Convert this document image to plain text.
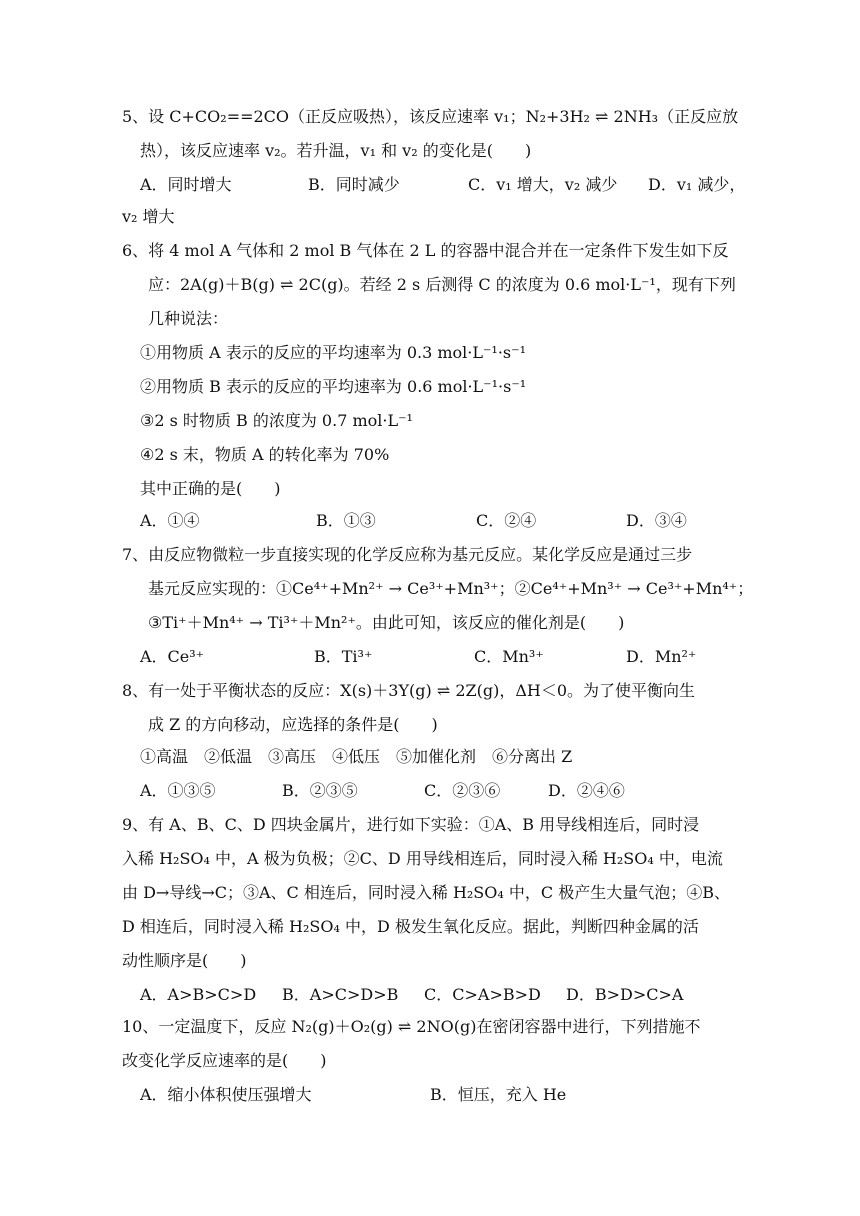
5、设 C+CO₂==2CO（正反应吸热），该反应速率 v₁；N₂+3H₂ ⇌ 2NH₃（正反应放
热），该反应速率 v₂。若升温，v₁ 和 v₂ 的变化是(　　)
A．同时增大	B．同时减少	C．v₁ 增大，v₂ 减少 D．v₁ 减少，
v₂ 增大
6、将 4 mol A 气体和 2 mol B 气体在 2 L 的容器中混合并在一定条件下发生如下反
应：2A(g)＋B(g) ⇌ 2C(g)。若经 2 s 后测得 C 的浓度为 0.6 mol·L⁻¹，现有下列
几种说法：
①用物质 A 表示的反应的平均速率为 0.3 mol·L⁻¹·s⁻¹
②用物质 B 表示的反应的平均速率为 0.6 mol·L⁻¹·s⁻¹
③2 s 时物质 B 的浓度为 0.7 mol·L⁻¹
④2 s 末，物质 A 的转化率为 70%
其中正确的是(　　)
A．①④	B．①③	C．②④	D．③④
7、由反应物微粒一步直接实现的化学反应称为基元反应。某化学反应是通过三步
基元反应实现的：①Ce⁴⁺+Mn²⁺ → Ce³⁺+Mn³⁺；②Ce⁴⁺+Mn³⁺ → Ce³⁺+Mn⁴⁺；
③Ti⁺＋Mn⁴⁺ → Ti³⁺＋Mn²⁺。由此可知，该反应的催化剂是(　　)
A．Ce³⁺	B．Ti³⁺	C．Mn³⁺	D．Mn²⁺
8、有一处于平衡状态的反应：X(s)＋3Y(g) ⇌ 2Z(g)，ΔH＜0。为了使平衡向生
成 Z 的方向移动，应选择的条件是(　　)
①高温　②低温　③高压　④低压　⑤加催化剂　⑥分离出 Z
A．①③⑤	B．②③⑤	C．②③⑥	D．②④⑥
9、有 A、B、C、D 四块金属片，进行如下实验：①A、B 用导线相连后，同时浸
入稀 H₂SO₄ 中，A 极为负极；②C、D 用导线相连后，同时浸入稀 H₂SO₄ 中，电流
由 D→导线→C；③A、C 相连后，同时浸入稀 H₂SO₄ 中，C 极产生大量气泡；④B、
D 相连后，同时浸入稀 H₂SO₄ 中，D 极发生氧化反应。据此，判断四种金属的活
动性顺序是(　　)
A．A>B>C>D B．A>C>D>B C．C>A>B>D D．B>D>C>A
10、一定温度下，反应 N₂(g)＋O₂(g) ⇌ 2NO(g)在密闭容器中进行，下列措施不
改变化学反应速率的是(　　)
A．缩小体积使压强增大	B．恒压，充入 He
